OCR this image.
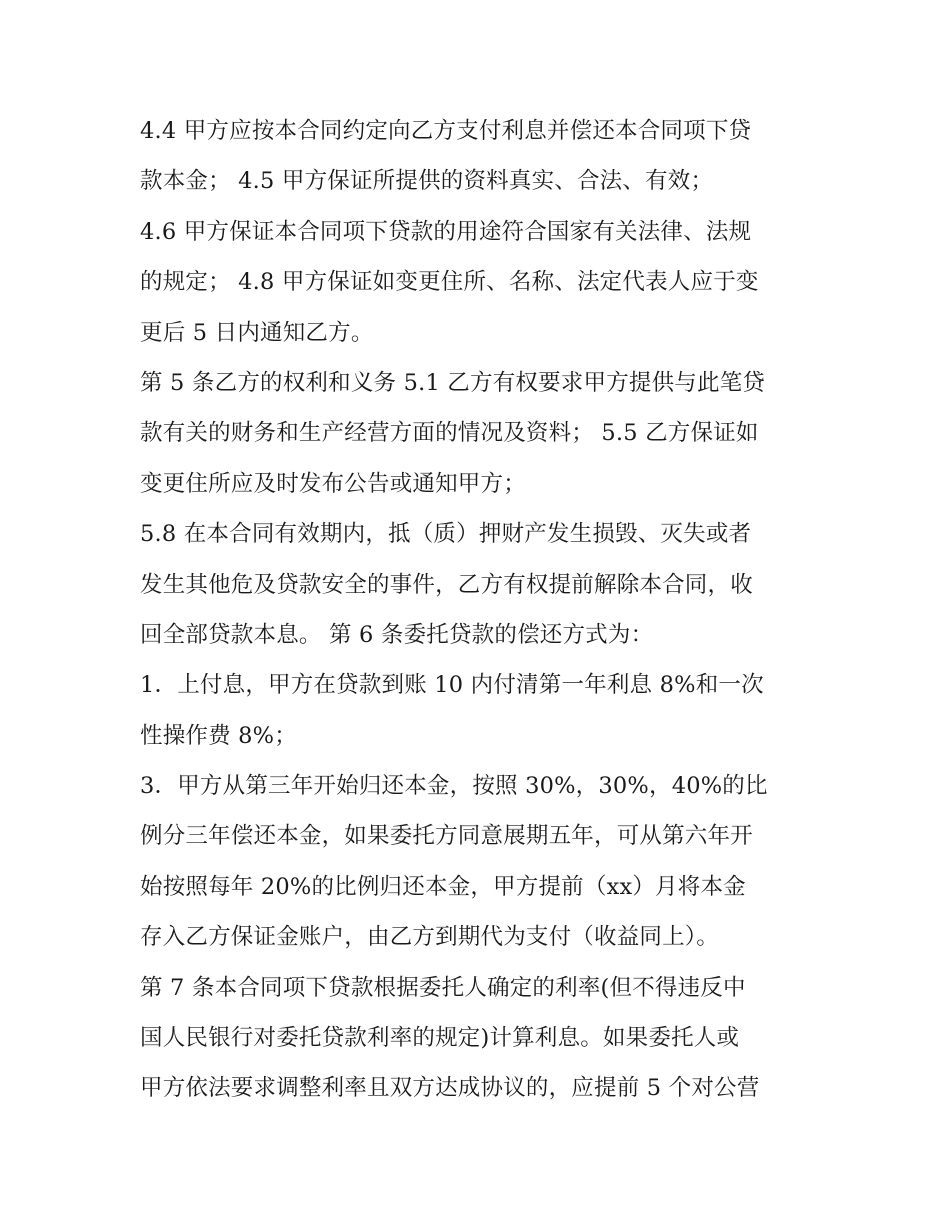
4.4 甲方应按本合同约定向乙方支付利息并偿还本合同项下贷
款本金； 4.5 甲方保证所提供的资料真实、合法、有效；
4.6 甲方保证本合同项下贷款的用途符合国家有关法律、法规
的规定； 4.8 甲方保证如变更住所、名称、法定代表人应于变
更后 5 日内通知乙方。
第 5 条乙方的权利和义务 5.1 乙方有权要求甲方提供与此笔贷
款有关的财务和生产经营方面的情况及资料； 5.5 乙方保证如
变更住所应及时发布公告或通知甲方；
5.8 在本合同有效期内，抵（质）押财产发生损毁、灭失或者
发生其他危及贷款安全的事件，乙方有权提前解除本合同，收
回全部贷款本息。 第 6 条委托贷款的偿还方式为：
1．上付息，甲方在贷款到账 10 内付清第一年利息 8%和一次
性操作费 8%；
3．甲方从第三年开始归还本金，按照 30%，30%，40%的比
例分三年偿还本金，如果委托方同意展期五年，可从第六年开
始按照每年 20%的比例归还本金，甲方提前（xx）月将本金
存入乙方保证金账户，由乙方到期代为支付（收益同上）。
第 7 条本合同项下贷款根据委托人确定的利率(但不得违反中
国人民银行对委托贷款利率的规定)计算利息。如果委托人或
甲方依法要求调整利率且双方达成协议的，应提前 5 个对公营
